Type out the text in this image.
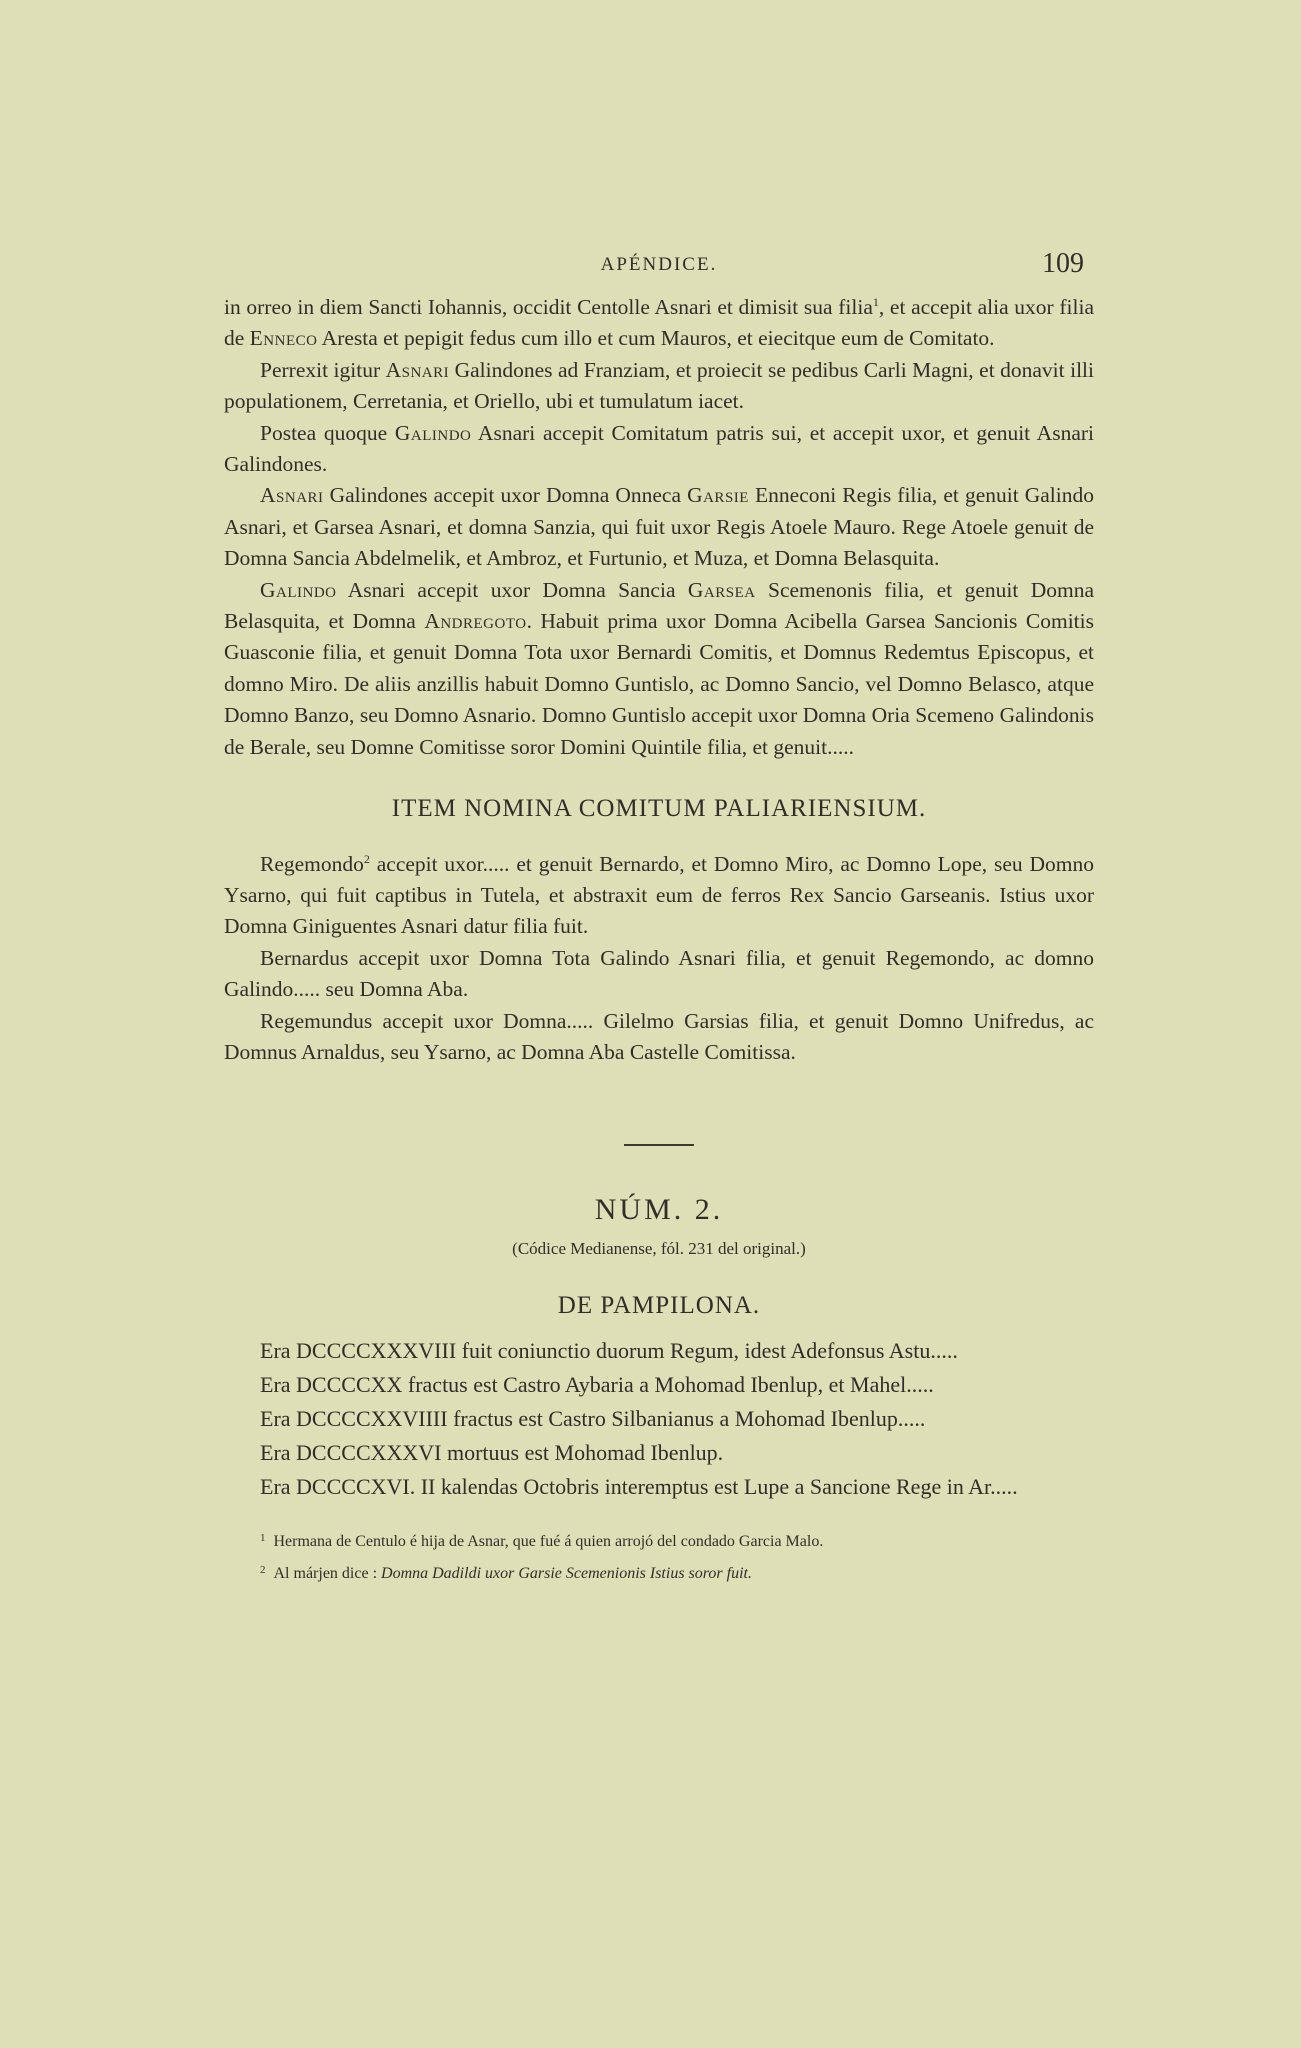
APÉNDICE.	109

in orreo in diem Sancti Iohannis, occidit Centolle Asnari et dimisit sua filia$^1$, et accepit alia uxor filia de Enneco Aresta et pepigit fedus cum illo et cum Mauros, et eiecitque eum de Comitato.

Perrexit igitur Asnari Galindones ad Franziam, et proiecit se pedibus Carli Magni, et donavit illi populationem, Cerretania, et Oriello, ubi et tumulatum iacet.

Postea quoque Galindo Asnari accepit Comitatum patris sui, et accepit uxor, et genuit Asnari Galindones.

Asnari Galindones accepit uxor Domna Onneca Garsie Enneconi Regis filia, et genuit Galindo Asnari, et Garsea Asnari, et domna Sanzia, qui fuit uxor Regis Atoele Mauro. Rege Atoele genuit de Domna Sancia Abdelmelik, et Ambroz, et Furtunio, et Muza, et Domna Belasquita.

Galindo Asnari accepit uxor Domna Sancia Garsea Scemenonis filia, et genuit Domna Belasquita, et Domna Andregoto. Habuit prima uxor Domna Acibella Garsea Sancionis Comitis Guasconie filia, et genuit Domna Tota uxor Bernardi Comitis, et Domnus Redemtus Episcopus, et domno Miro. De aliis anzillis habuit Domno Guntislo, ac Domno Sancio, vel Domno Belasco, atque Domno Banzo, seu Domno Asnario. Domno Guntislo accepit uxor Domna Oria Scemeno Galindonis de Berale, seu Domne Comitisse soror Domini Quintile filia, et genuit.....

ITEM NOMINA COMITUM PALIARIENSIUM.

Regemondo$^2$ accepit uxor..... et genuit Bernardo, et Domno Miro, ac Domno Lope, seu Domno Ysarno, qui fuit captibus in Tutela, et abstraxit eum de ferros Rex Sancio Garseanis. Istius uxor Domna Giniguentes Asnari datur filia fuit.

Bernardus accepit uxor Domna Tota Galindo Asnari filia, et genuit Regemondo, ac domno Galindo..... seu Domna Aba.

Regemundus accepit uxor Domna..... Gilelmo Garsias filia, et genuit Domno Unifredus, ac Domnus Arnaldus, seu Ysarno, ac Domna Aba Castelle Comitissa.

NÚM. 2.
(Códice Medianense, fól. 231 del original.)
DE PAMPILONA.

Era DCCCCXXXVIII fuit coniunctio duorum Regum, idest Adefonsus Astu.....

Era DCCCCXX fractus est Castro Aybaria a Mohomad Ibenlup, et Mahel.....

Era DCCCCXXVIIII fractus est Castro Silbanianus a Mohomad Ibenlup.....

Era DCCCCXXXVI mortuus est Mohomad Ibenlup.

Era DCCCCXVI. II kalendas Octobris interemptus est Lupe a Sancione Rege in Ar.....

$^1$ Hermana de Centulo é hija de Asnar, que fué á quien arrojó del condado Garcia Malo.

$^2$ Al márjen dice : Domna Dadildi uxor Garsie Scemenionis Istius soror fuit.
